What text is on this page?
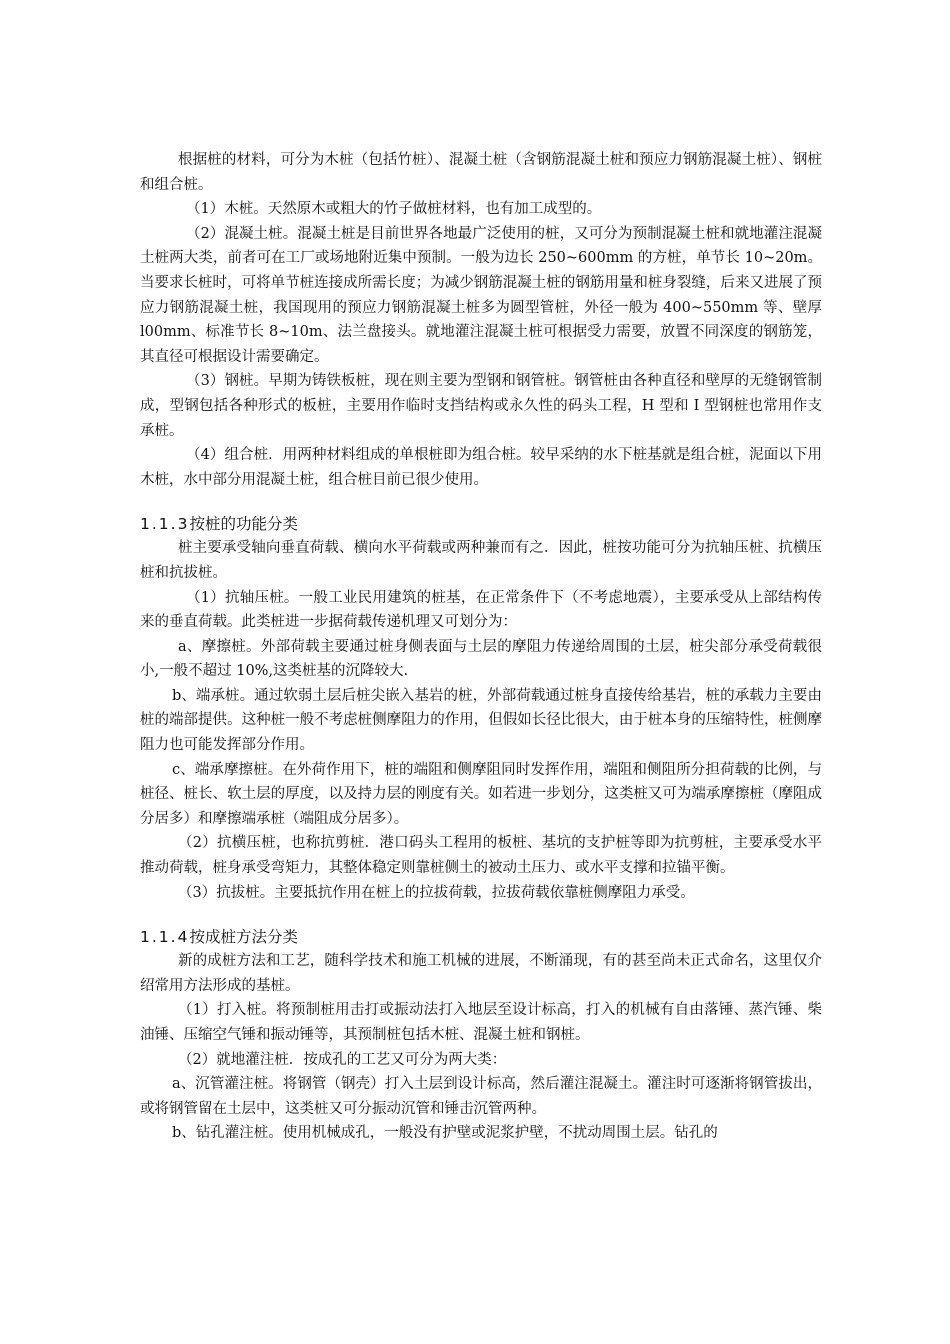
根据桩的材料，可分为木桩（包括竹桩）、混凝土桩（含钢筋混凝土桩和预应力钢筋混凝土桩）、钢桩和组合桩。

（1）木桩。天然原木或粗大的竹子做桩材料，也有加工成型的。

（2）混凝土桩。混凝土桩是目前世界各地最广泛使用的桩，又可分为预制混凝土桩和就地灌注混凝土桩两大类，前者可在工厂或场地附近集中预制。一般为边长 250~600mm 的方桩，单节长 10~20m。当要求长桩时，可将单节桩连接成所需长度；为减少钢筋混凝土桩的钢筋用量和桩身裂缝，后来又进展了预应力钢筋混凝土桩，我国现用的预应力钢筋混凝土桩多为圆型管桩，外径一般为 400~550mm 等、壁厚 l00mm、标准节长 8~10m、法兰盘接头。就地灌注混凝土桩可根据受力需要，放置不同深度的钢筋笼，其直径可根据设计需要确定。

（3）钢桩。早期为铸铁板桩，现在则主要为型钢和钢管桩。钢管桩由各种直径和壁厚的无缝钢管制成，型钢包括各种形式的板桩，主要用作临时支挡结构或永久性的码头工程，H 型和 I 型钢桩也常用作支承桩。

（4）组合桩．用两种材料组成的单根桩即为组合桩。较早采纳的水下桩基就是组合桩，泥面以下用木桩，水中部分用混凝土桩，组合桩目前已很少使用。

1.1.3按桩的功能分类

桩主要承受轴向垂直荷载、横向水平荷载或两种兼而有之．因此，桩按功能可分为抗轴压桩、抗横压桩和抗拔桩。

（1）抗轴压桩。一般工业民用建筑的桩基，在正常条件下（不考虑地震），主要承受从上部结构传来的垂直荷载。此类桩进一步据荷载传递机理又可划分为：

a、摩擦桩。外部荷载主要通过桩身侧表面与土层的摩阻力传递给周围的土层，桩尖部分承受荷载很小,一般不超过 10%,这类桩基的沉降较大.

b、端承桩。通过软弱土层后桩尖嵌入基岩的桩，外部荷载通过桩身直接传给基岩，桩的承载力主要由桩的端部提供。这种桩一般不考虑桩侧摩阻力的作用，但假如长径比很大，由于桩本身的压缩特性，桩侧摩阻力也可能发挥部分作用。

c、端承摩擦桩。在外荷作用下，桩的端阻和侧摩阻同时发挥作用，端阻和侧阻所分担荷载的比例，与桩径、桩长、软土层的厚度，以及持力层的刚度有关。如若进一步划分，这类桩又可为端承摩擦桩（摩阻成分居多）和摩擦端承桩（端阻成分居多）。

（2）抗横压桩，也称抗剪桩．港口码头工程用的板桩、基坑的支护桩等即为抗剪桩，主要承受水平推动荷载，桩身承受弯矩力，其整体稳定则靠桩侧土的被动土压力、或水平支撑和拉锚平衡。

（3）抗拔桩。主要抵抗作用在桩上的拉拔荷载，拉拔荷载依靠桩侧摩阻力承受。

1.1.4按成桩方法分类

新的成桩方法和工艺，随科学技术和施工机械的进展，不断涌现，有的甚至尚未正式命名，这里仅介绍常用方法形成的基桩。

（1）打入桩。将预制桩用击打或振动法打入地层至设计标高，打入的机械有自由落锤、蒸汽锤、柴油锤、压缩空气锤和振动锤等，其预制桩包括木桩、混凝土桩和钢桩。

（2）就地灌注桩．按成孔的工艺又可分为两大类：

a、沉管灌注桩。将钢管（钢壳）打入土层到设计标高，然后灌注混凝土。灌注时可逐渐将钢管拔出，或将钢管留在土层中，这类桩又可分振动沉管和锤击沉管两种。

b、钻孔灌注桩。使用机械成孔，一般没有护壁或泥浆护壁，不扰动周围土层。钻孔的
